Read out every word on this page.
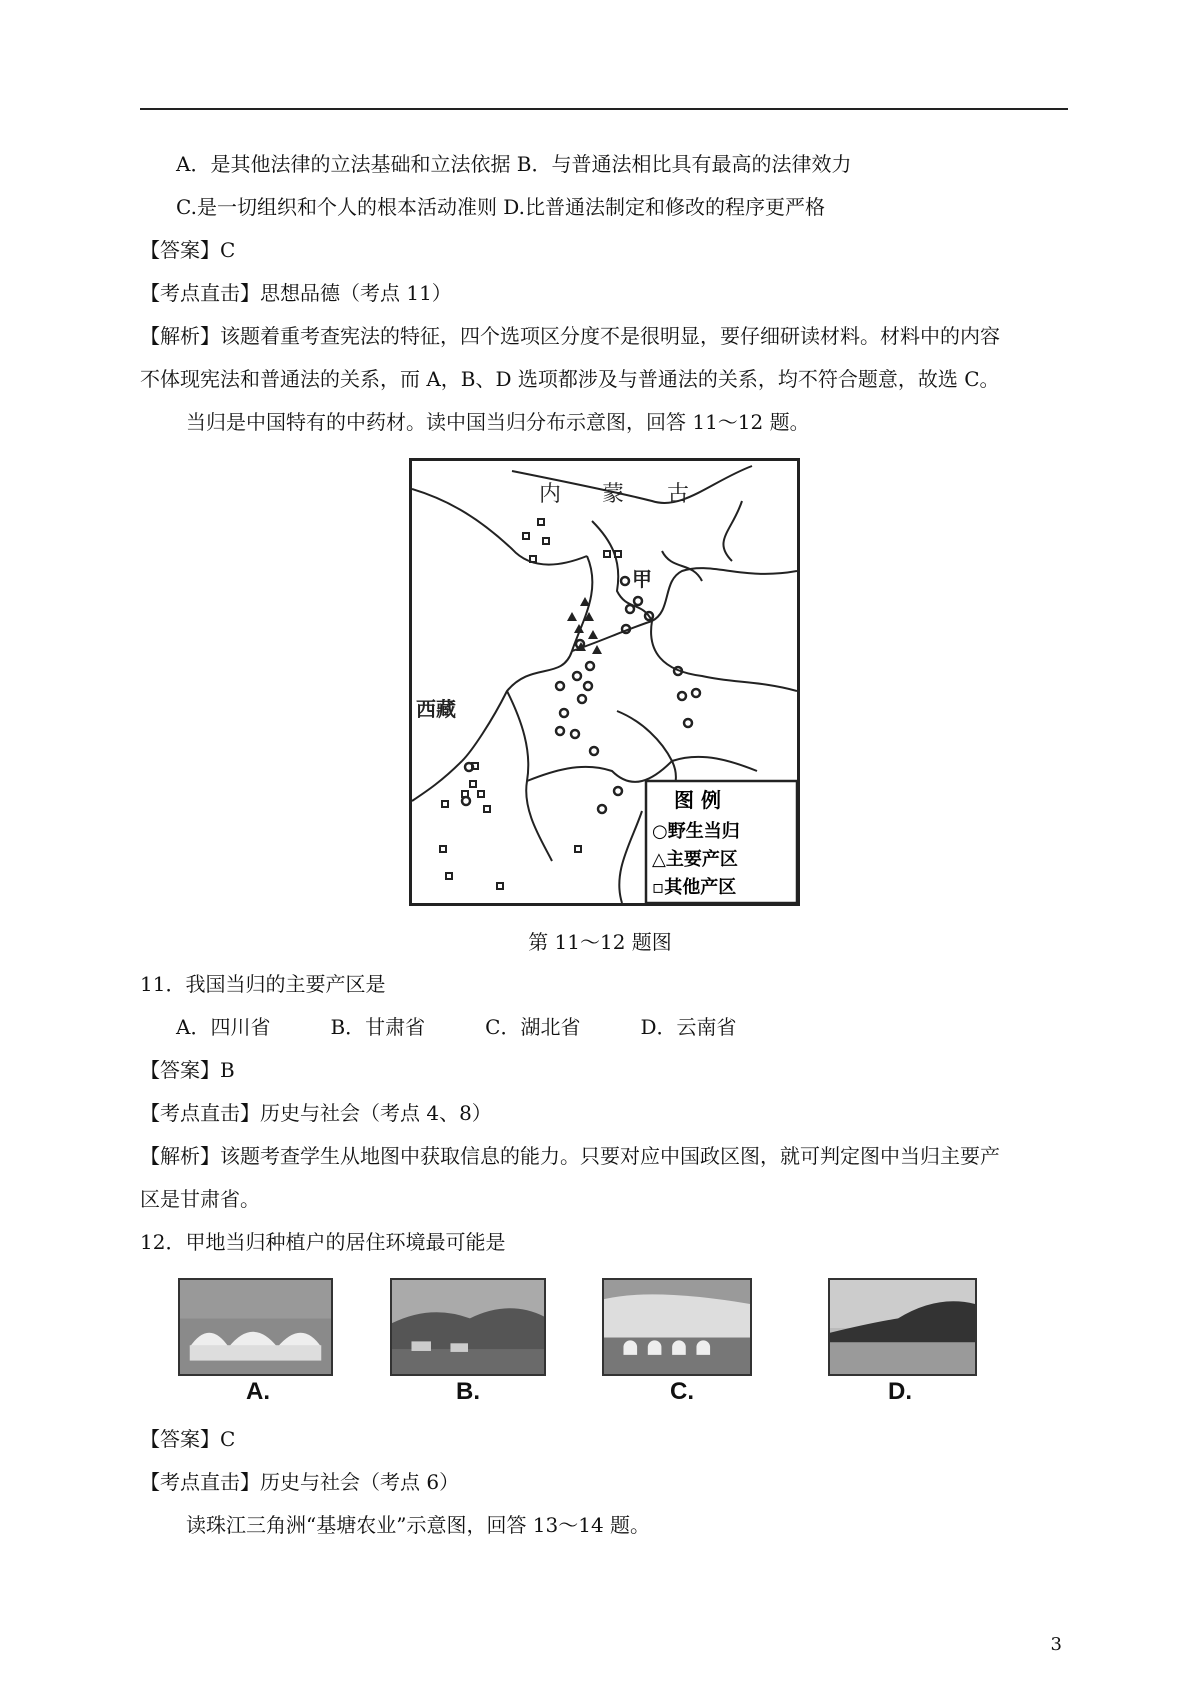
A．是其他法律的立法基础和立法依据 B．与普通法相比具有最高的法律效力
C.是一切组织和个人的根本活动准则 D.比普通法制定和修改的程序更严格
【答案】C
【考点直击】思想品德（考点 11）
【解析】该题着重考查宪法的特征，四个选项区分度不是很明显，要仔细研读材料。材料中的内容
不体现宪法和普通法的关系，而 A，B、D 选项都涉及与普通法的关系，均不符合题意，故选 C。
当归是中国特有的中药材。读中国当归分布示意图，回答 11～12 题。
内 蒙 古
西藏
甲
图 例
○野生当归
△主要产区
▫其他产区
第 11～12 题图
11．我国当归的主要产区是
A．四川省　　　B．甘肃省　　　C．湖北省　　　D．云南省
【答案】B
【考点直击】历史与社会（考点 4、8）
【解析】该题考查学生从地图中获取信息的能力。只要对应中国政区图，就可判定图中当归主要产
区是甘肃省。
12．甲地当归种植户的居住环境最可能是
A.	B.	C.	D.
【答案】C
【考点直击】历史与社会（考点 6）
读珠江三角洲“基塘农业”示意图，回答 13～14 题。
3
